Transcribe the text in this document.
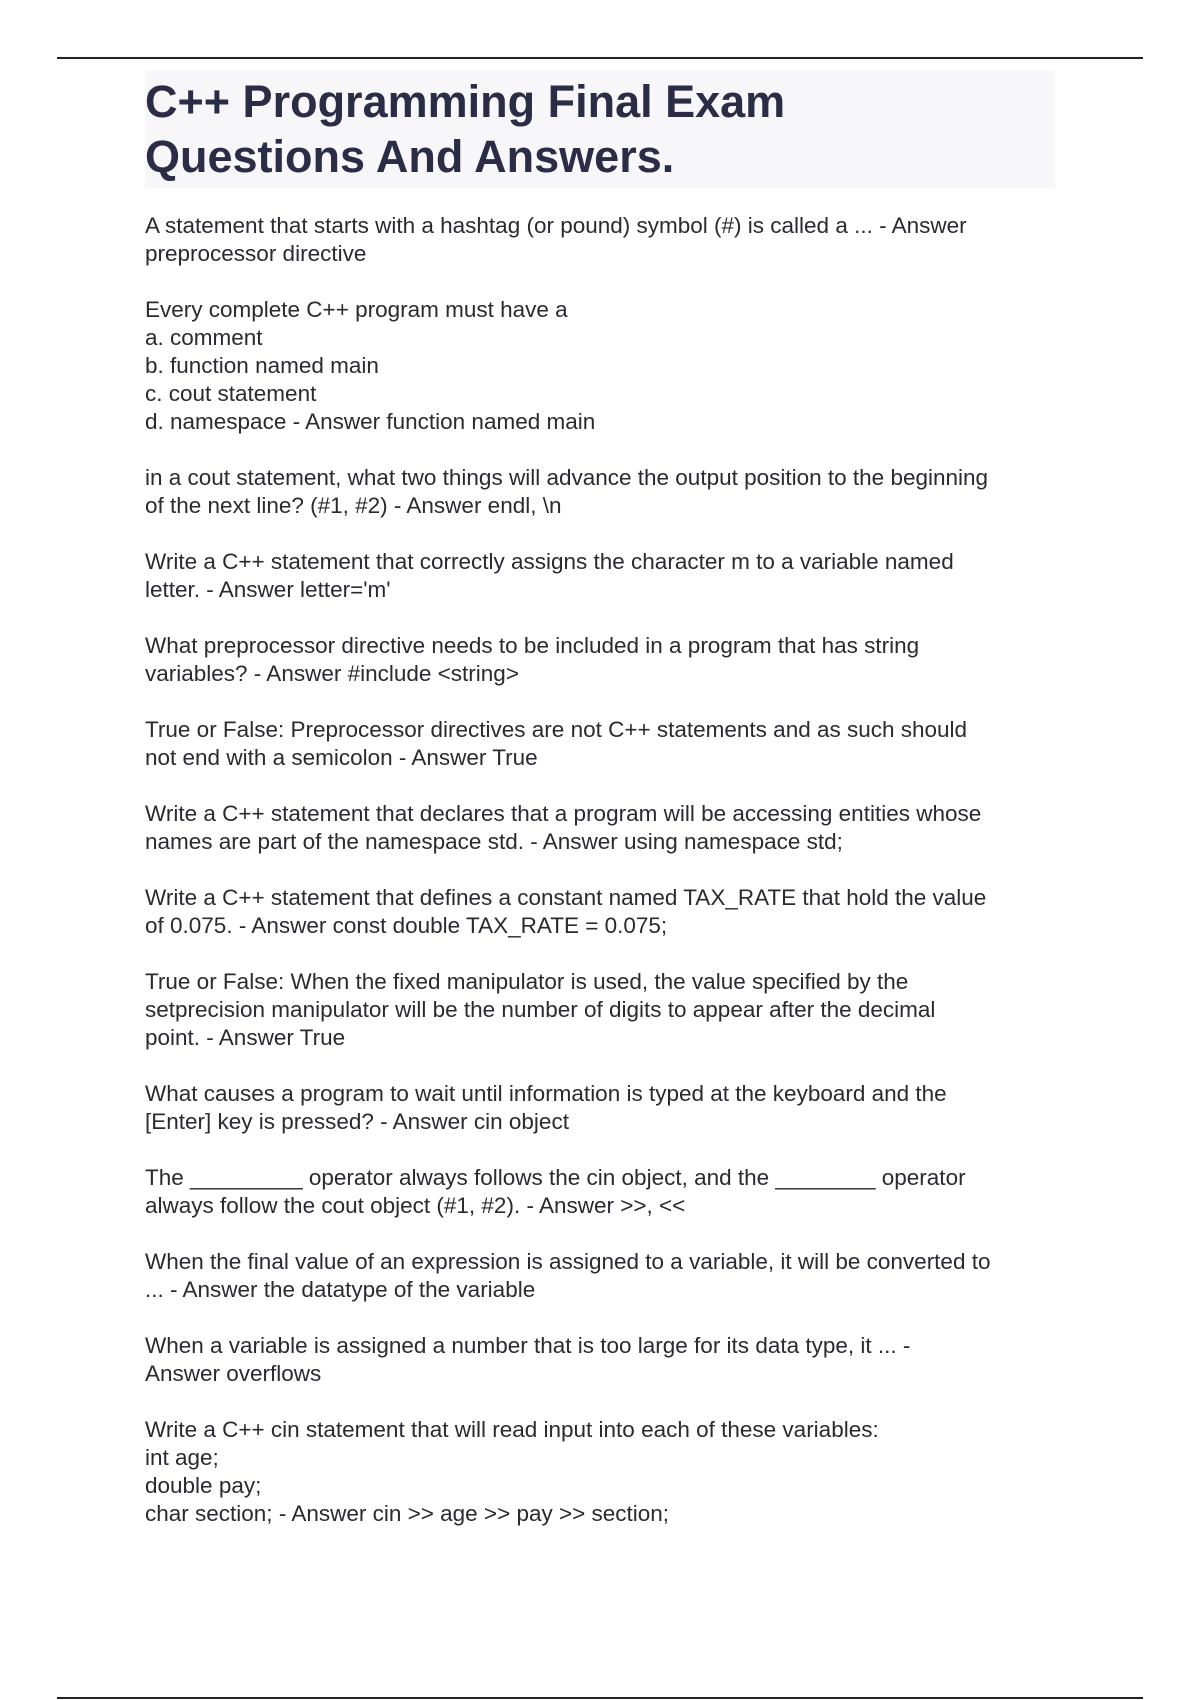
C++ Programming Final Exam
Questions And Answers.
A statement that starts with a hashtag (or pound) symbol (#) is called a ... - Answer
preprocessor directive
Every complete C++ program must have a
a. comment
b. function named main
c. cout statement
d. namespace - Answer function named main
in a cout statement, what two things will advance the output position to the beginning
of the next line? (#1, #2) - Answer endl, \n
Write a C++ statement that correctly assigns the character m to a variable named
letter. - Answer letter='m'
What preprocessor directive needs to be included in a program that has string
variables? - Answer #include <string>
True or False: Preprocessor directives are not C++ statements and as such should
not end with a semicolon - Answer True
Write a C++ statement that declares that a program will be accessing entities whose
names are part of the namespace std. - Answer using namespace std;
Write a C++ statement that defines a constant named TAX_RATE that hold the value
of 0.075. - Answer const double TAX_RATE = 0.075;
True or False: When the fixed manipulator is used, the value specified by the
setprecision manipulator will be the number of digits to appear after the decimal
point. - Answer True
What causes a program to wait until information is typed at the keyboard and the
[Enter] key is pressed? - Answer cin object
The _________ operator always follows the cin object, and the ________ operator
always follow the cout object (#1, #2). - Answer >>, <<
When the final value of an expression is assigned to a variable, it will be converted to
... - Answer the datatype of the variable
When a variable is assigned a number that is too large for its data type, it ... -
Answer overflows
Write a C++ cin statement that will read input into each of these variables:
int age;
double pay;
char section; - Answer cin >> age >> pay >> section;
